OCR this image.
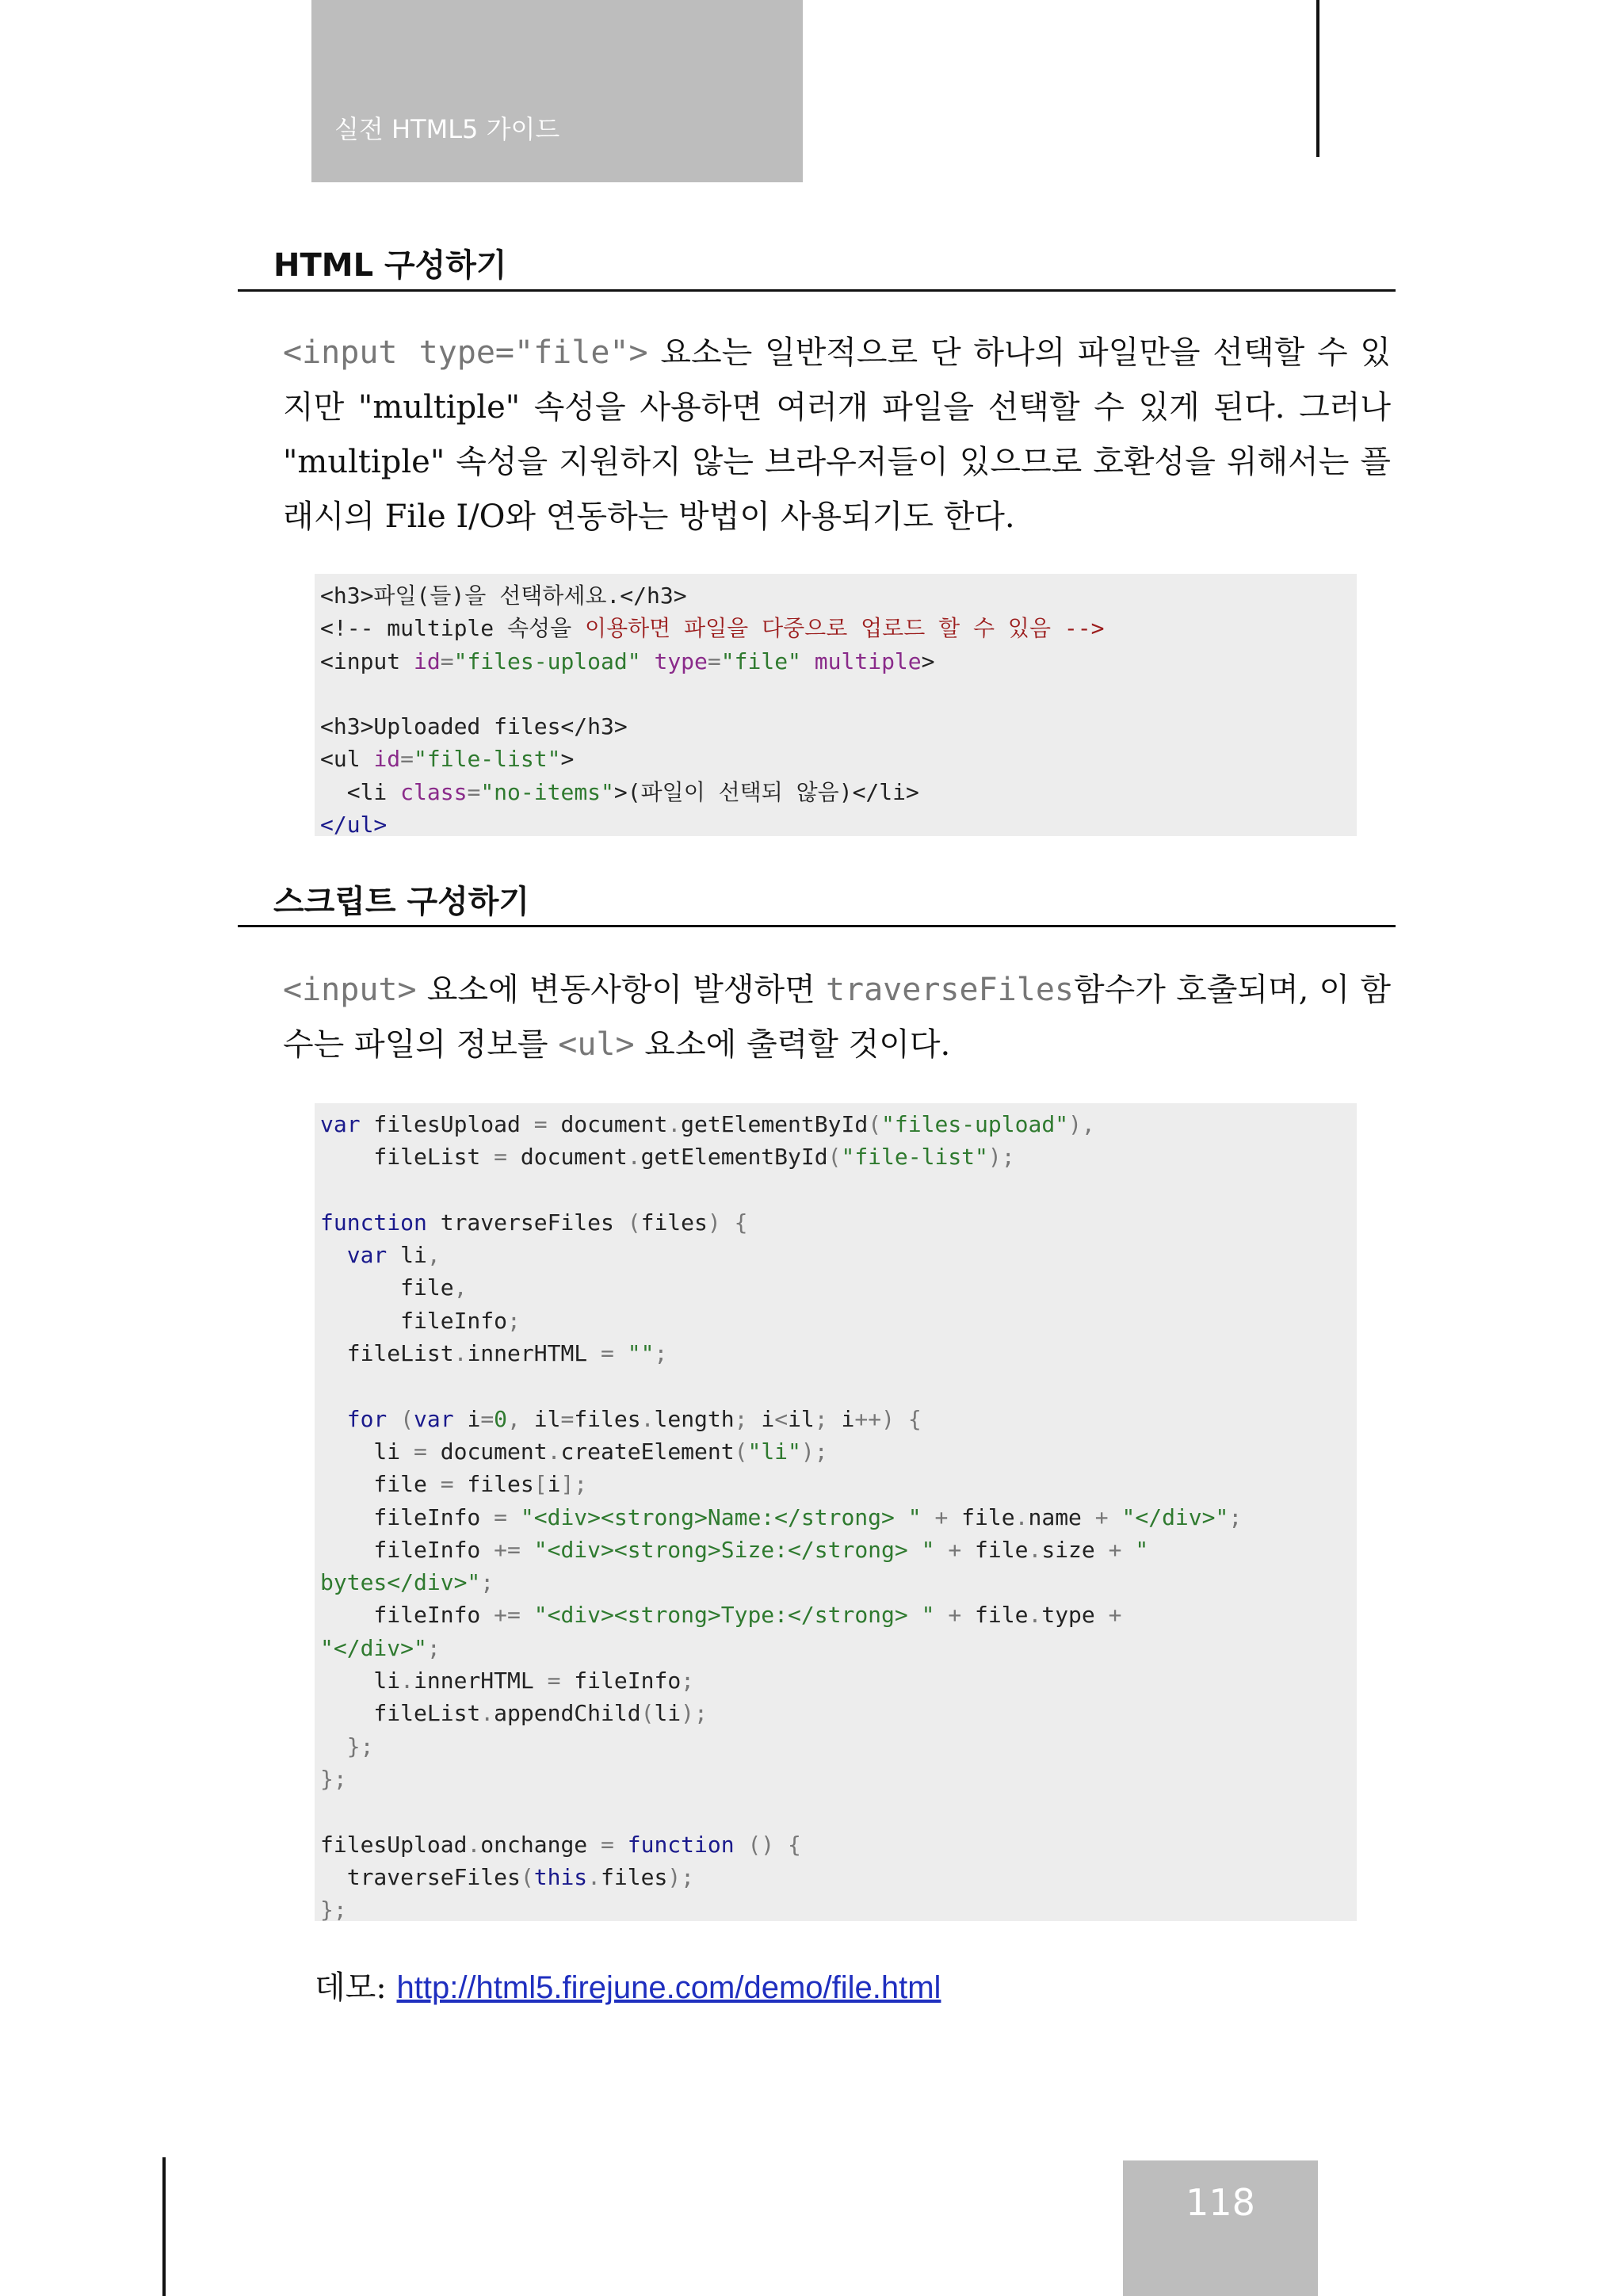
실전 HTML5 가이드
HTML 구성하기
<input type="file"> 요소는 일반적으로 단 하나의 파일만을 선택할 수 있지만 "multiple" 속성을 사용하면 여러개 파일을 선택할 수 있게 된다. 그러나 "multiple" 속성을 지원하지 않는 브라우저들이 있으므로 호환성을 위해서는 플래시의 File I/O와 연동하는 방법이 사용되기도 한다.
<h3>파일(들)을 선택하세요.</h3>
<!-- multiple 속성을 이용하면 파일을 다중으로 업로드 할 수 있음 -->
<input id="files-upload" type="file" multiple>
<h3>Uploaded files</h3>
<ul id="file-list">
<li class="no-items">(파일이 선택되 않음)</li>
</ul>
스크립트 구성하기
<input> 요소에 변동사항이 발생하면 traverseFiles함수가 호출되며, 이 함수는 파일의 정보를 <ul> 요소에 출력할 것이다.
var filesUpload = document.getElementById("files-upload"),
fileList = document.getElementById("file-list");
function traverseFiles (files) {
var li,
file,
fileInfo;
fileList.innerHTML = "";
for (var i=0, il=files.length; i<il; i++) {
li = document.createElement("li");
file = files[i];
fileInfo = "<div><strong>Name:</strong> " + file.name + "</div>";
fileInfo += "<div><strong>Size:</strong> " + file.size + "
bytes</div>";
fileInfo += "<div><strong>Type:</strong> " + file.type +
"</div>";
li.innerHTML = fileInfo;
fileList.appendChild(li);
};
};
filesUpload.onchange = function () {
traverseFiles(this.files);
};
데모: http://html5.firejune.com/demo/file.html
118
